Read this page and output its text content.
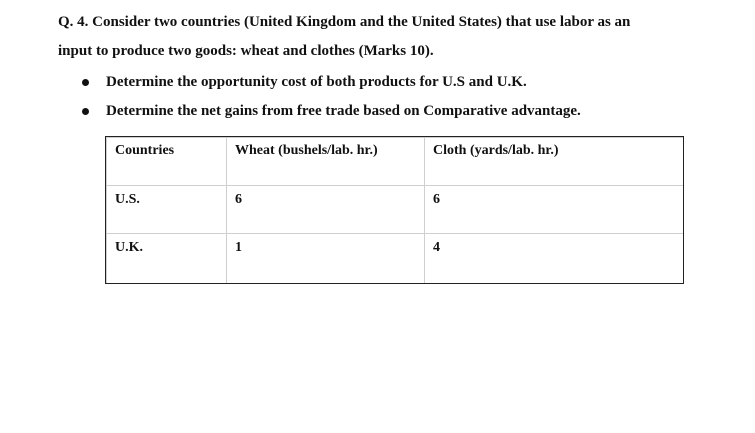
Q. 4. Consider two countries (United Kingdom and the United States) that use labor as an
input to produce two goods: wheat and clothes (Marks 10).
Determine the opportunity cost of both products for U.S and U.K.
Determine the net gains from free trade based on Comparative advantage.
Countries	Wheat (bushels/lab. hr.)	Cloth (yards/lab. hr.)
U.S.	6	6
U.K.	1	4
